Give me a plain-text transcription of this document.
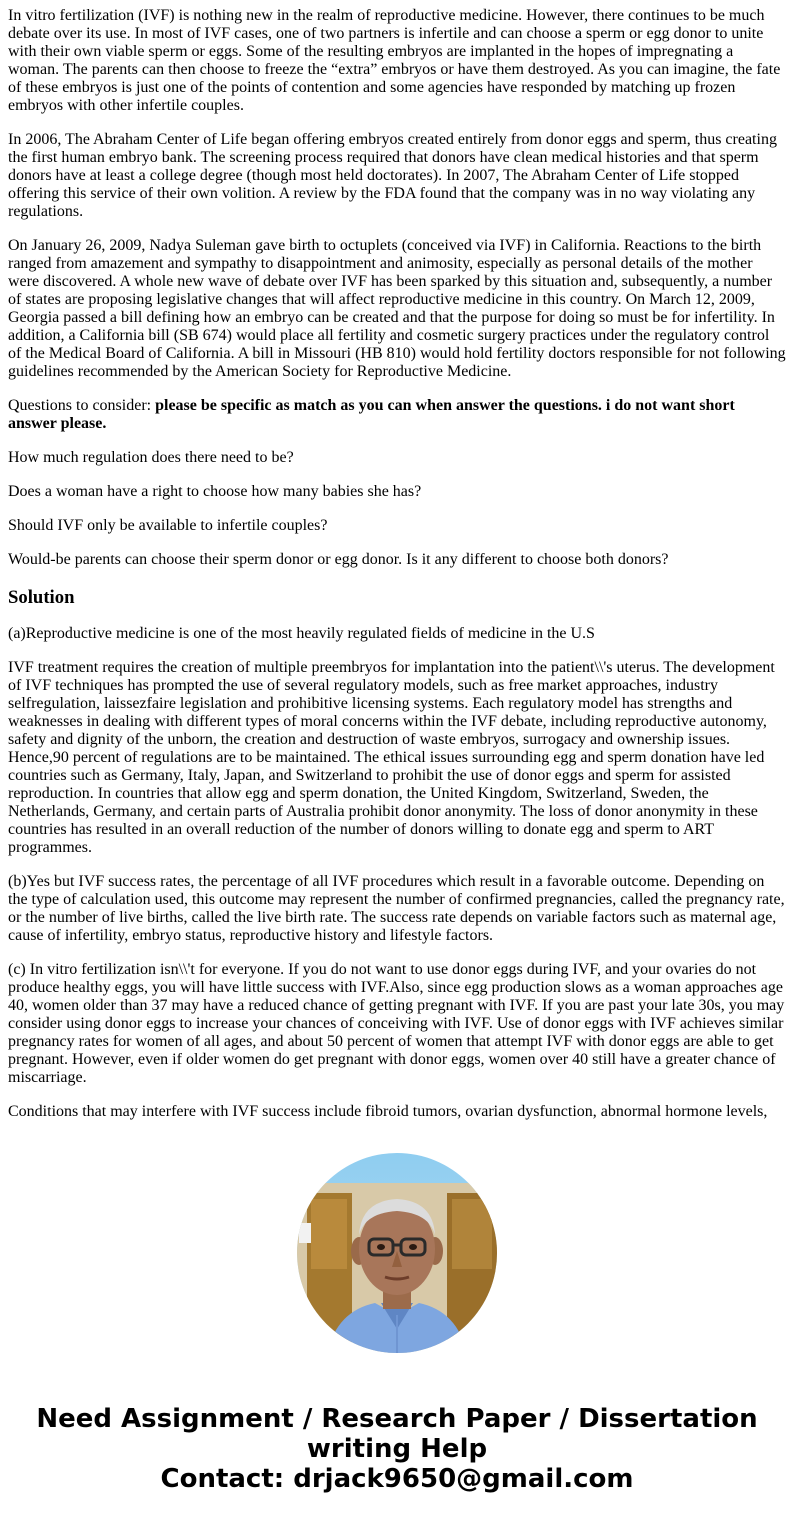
In vitro fertilization (IVF) is nothing new in the realm of reproductive medicine. However, there continues to be much debate over its use. In most of IVF cases, one of two partners is infertile and can choose a sperm or egg donor to unite with their own viable sperm or eggs. Some of the resulting embryos are implanted in the hopes of impregnating a woman. The parents can then choose to freeze the “extra” embryos or have them destroyed. As you can imagine, the fate of these embryos is just one of the points of contention and some agencies have responded by matching up frozen embryos with other infertile couples.

In 2006, The Abraham Center of Life began offering embryos created entirely from donor eggs and sperm, thus creating the first human embryo bank. The screening process required that donors have clean medical histories and that sperm donors have at least a college degree (though most held doctorates). In 2007, The Abraham Center of Life stopped offering this service of their own volition. A review by the FDA found that the company was in no way violating any regulations.

On January 26, 2009, Nadya Suleman gave birth to octuplets (conceived via IVF) in California. Reactions to the birth ranged from amazement and sympathy to disappointment and animosity, especially as personal details of the mother were discovered. A whole new wave of debate over IVF has been sparked by this situation and, subsequently, a number of states are proposing legislative changes that will affect reproductive medicine in this country. On March 12, 2009, Georgia passed a bill defining how an embryo can be created and that the purpose for doing so must be for infertility. In addition, a California bill (SB 674) would place all fertility and cosmetic surgery practices under the regulatory control of the Medical Board of California. A bill in Missouri (HB 810) would hold fertility doctors responsible for not following guidelines recommended by the American Society for Reproductive Medicine.

Questions to consider: please be specific as match as you can when answer the questions. i do not want short answer please.

How much regulation does there need to be?

Does a woman have a right to choose how many babies she has?

Should IVF only be available to infertile couples?

Would-be parents can choose their sperm donor or egg donor. Is it any different to choose both donors?

Solution

(a)Reproductive medicine is one of the most heavily regulated fields of medicine in the U.S

IVF treatment requires the creation of multiple preembryos for implantation into the patient\\'s uterus. The development of IVF techniques has prompted the use of several regulatory models, such as free market approaches, industry selfregulation, laissezfaire legislation and prohibitive licensing systems. Each regulatory model has strengths and weaknesses in dealing with different types of moral concerns within the IVF debate, including reproductive autonomy, safety and dignity of the unborn, the creation and destruction of waste embryos, surrogacy and ownership issues. Hence,90 percent of regulations are to be maintained. The ethical issues surrounding egg and sperm donation have led countries such as Germany, Italy, Japan, and Switzerland to prohibit the use of donor eggs and sperm for assisted reproduction. In countries that allow egg and sperm donation, the United Kingdom, Switzerland, Sweden, the Netherlands, Germany, and certain parts of Australia prohibit donor anonymity. The loss of donor anonymity in these countries has resulted in an overall reduction of the number of donors willing to donate egg and sperm to ART programmes.

(b)Yes but IVF success rates, the percentage of all IVF procedures which result in a favorable outcome. Depending on the type of calculation used, this outcome may represent the number of confirmed pregnancies, called the pregnancy rate, or the number of live births, called the live birth rate. The success rate depends on variable factors such as maternal age, cause of infertility, embryo status, reproductive history and lifestyle factors.

(c) In vitro fertilization isn\\'t for everyone. If you do not want to use donor eggs during IVF, and your ovaries do not produce healthy eggs, you will have little success with IVF.Also, since egg production slows as a woman approaches age 40, women older than 37 may have a reduced chance of getting pregnant with IVF. If you are past your late 30s, you may consider using donor eggs to increase your chances of conceiving with IVF. Use of donor eggs with IVF achieves similar pregnancy rates for women of all ages, and about 50 percent of women that attempt IVF with donor eggs are able to get pregnant. However, even if older women do get pregnant with donor eggs, women over 40 still have a greater chance of miscarriage.

Conditions that may interfere with IVF success include fibroid tumors, ovarian dysfunction, abnormal hormone levels,

Need Assignment / Research Paper / Dissertation
writing Help
Contact: drjack9650@gmail.com
